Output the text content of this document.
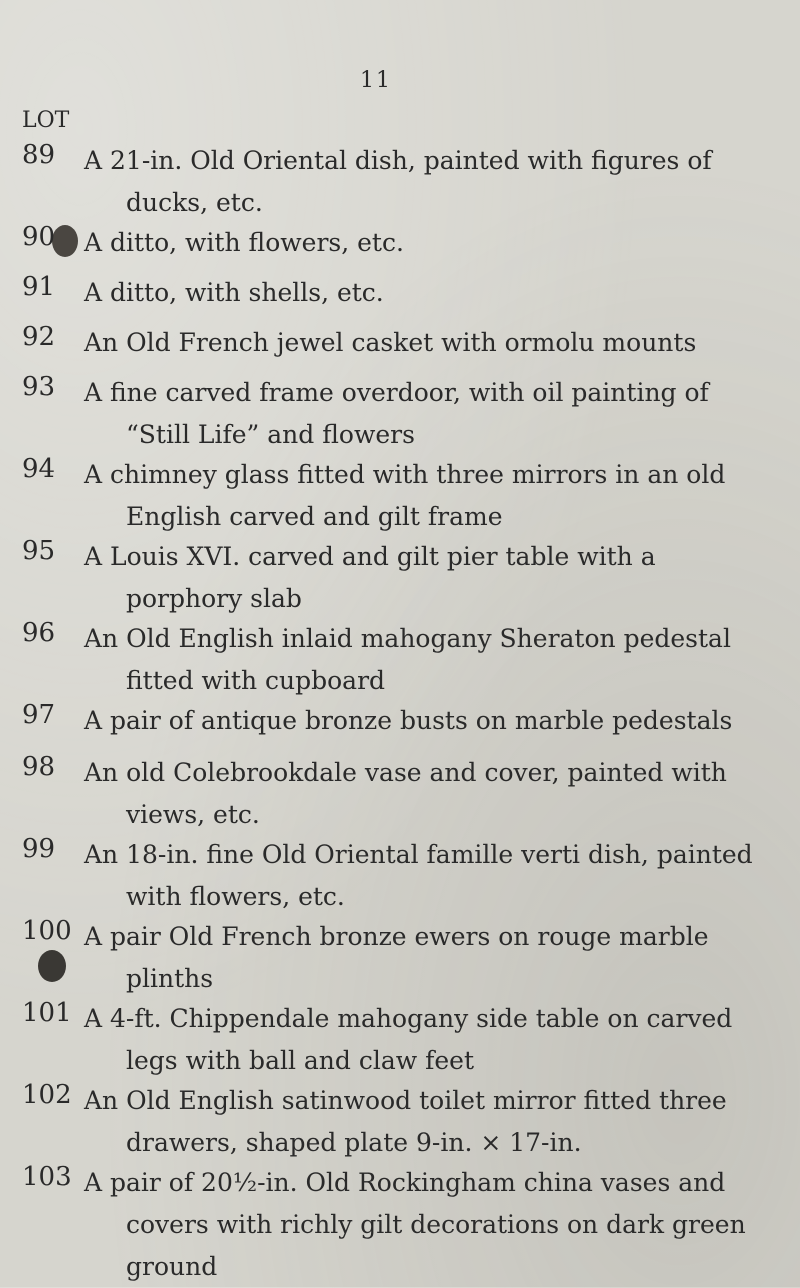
11
LOT
89 A 21-in. Old Oriental dish, painted with figures of
ducks, etc.
90 A ditto, with flowers, etc.
91 A ditto, with shells, etc.
92 An Old French jewel casket with ormolu mounts
93 A fine carved frame overdoor, with oil painting of
“Still Life” and flowers
94 A chimney glass fitted with three mirrors in an old
English carved and gilt frame
95 A Louis XVI. carved and gilt pier table with a
porphory slab
96 An Old English inlaid mahogany Sheraton pedestal
fitted with cupboard
97 A pair of antique bronze busts on marble pedestals
98 An old Colebrookdale vase and cover, painted with
views, etc.
99 An 18-in. fine Old Oriental famille verti dish, painted
with flowers, etc.
100 A pair Old French bronze ewers on rouge marble
plinths
101 A 4-ft. Chippendale mahogany side table on carved
legs with ball and claw feet
102 An Old English satinwood toilet mirror fitted three
drawers, shaped plate 9-in. × 17-in.
103 A pair of 20½-in. Old Rockingham china vases and
covers with richly gilt decorations on dark green
ground
